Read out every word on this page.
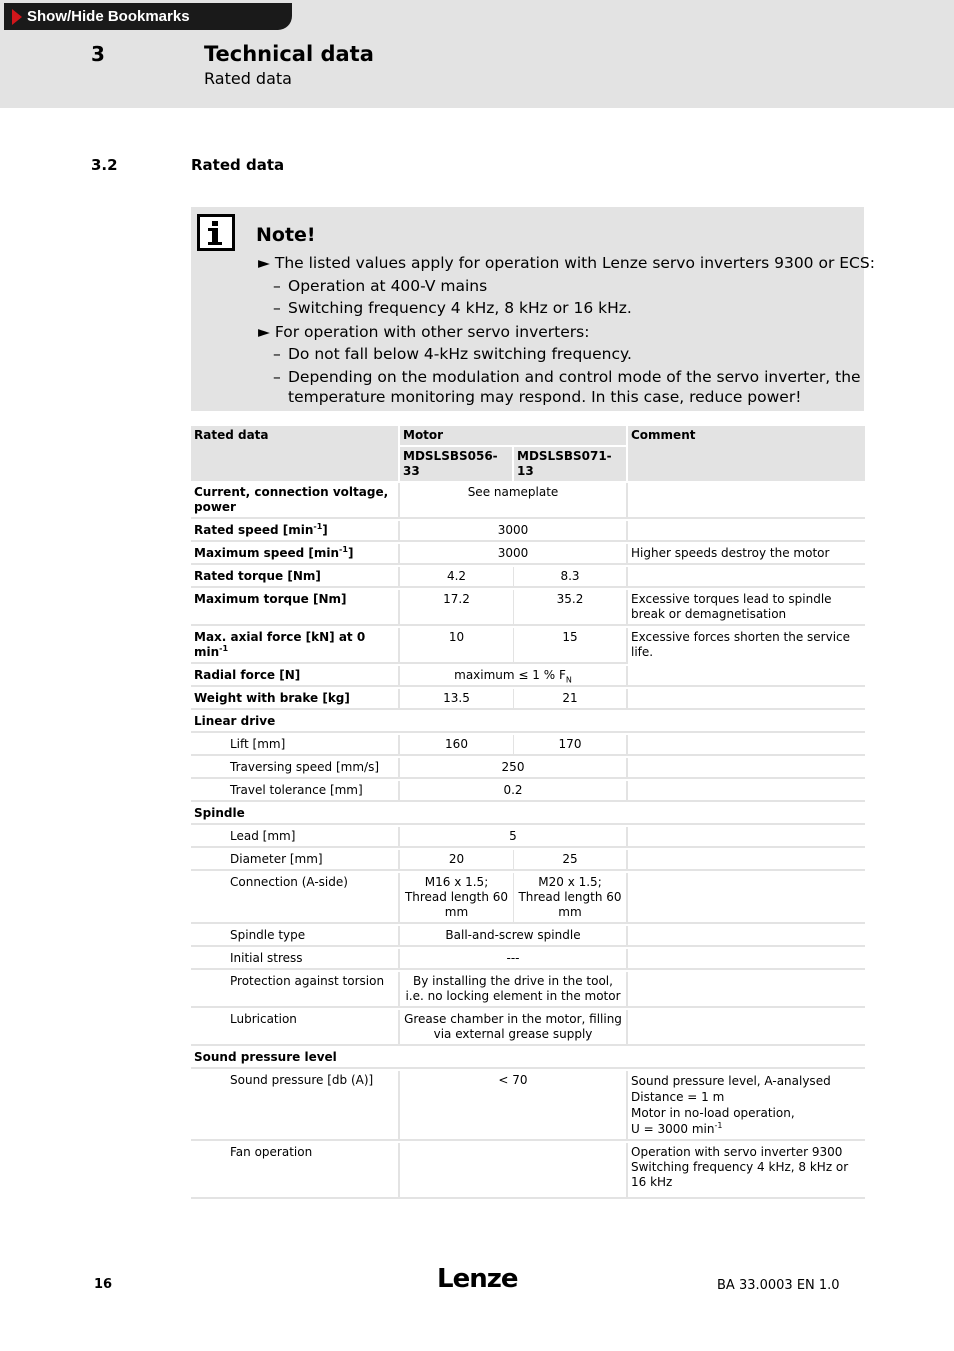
Show/Hide Bookmarks
3	Technical data
Rated data
3.2	Rated data
Note!
► The listed values apply for operation with Lenze servo inverters 9300 or ECS:
– Operation at 400-V mains
– Switching frequency 4 kHz, 8 kHz or 16 kHz.
► For operation with other servo inverters:
– Do not fall below 4-kHz switching frequency.
– Depending on the modulation and control mode of the servo inverter, the
temperature monitoring may respond. In this case, reduce power!
Rated data	Motor		Comment
	MDSLSBS056-33	MDSLSBS071-13	
Current, connection voltage, power	See nameplate		
Rated speed $[\min^{-1}]$	3000		
Maximum speed $[\min^{-1}]$	3000		Higher speeds destroy the motor
Rated torque [Nm]	4.2	8.3	
Maximum torque [Nm]	17.2	35.2	Excessive torques lead to spindle break or demagnetisation
Max. axial force [kN] at 0 $\min^{-1}$	10	15	Excessive forces shorten the service life.
Radial force [N]	maximum ≤ 1 % $F_N$
Weight with brake [kg]	13.5	21	
Linear drive			
Lift [mm]	160	170	
Traversing speed [mm/s]	250		
Travel tolerance [mm]	0.2		
Spindle			
Lead [mm]	5		
Diameter [mm]	20	25	
Connection (A-side)	M16 x 1.5; Thread length 60 mm	M20 x 1.5; Thread length 60 mm	
Spindle type	Ball-and-screw spindle		
Initial stress	---		
Protection against torsion	By installing the drive in the tool, i.e. no locking element in the motor		
Lubrication	Grease chamber in the motor, filling via external grease supply		
Sound pressure level			
Sound pressure [db (A)]	< 70		Sound pressure level, A-analysed
Distance = 1 m
Motor in no-load operation,
U = 3000 $\min^{-1}$

Fan operation			Operation with servo inverter 9300
Switching frequency 4 kHz, 8 kHz or 16 kHz
16	Lenze	BA 33.0003 EN 1.0
